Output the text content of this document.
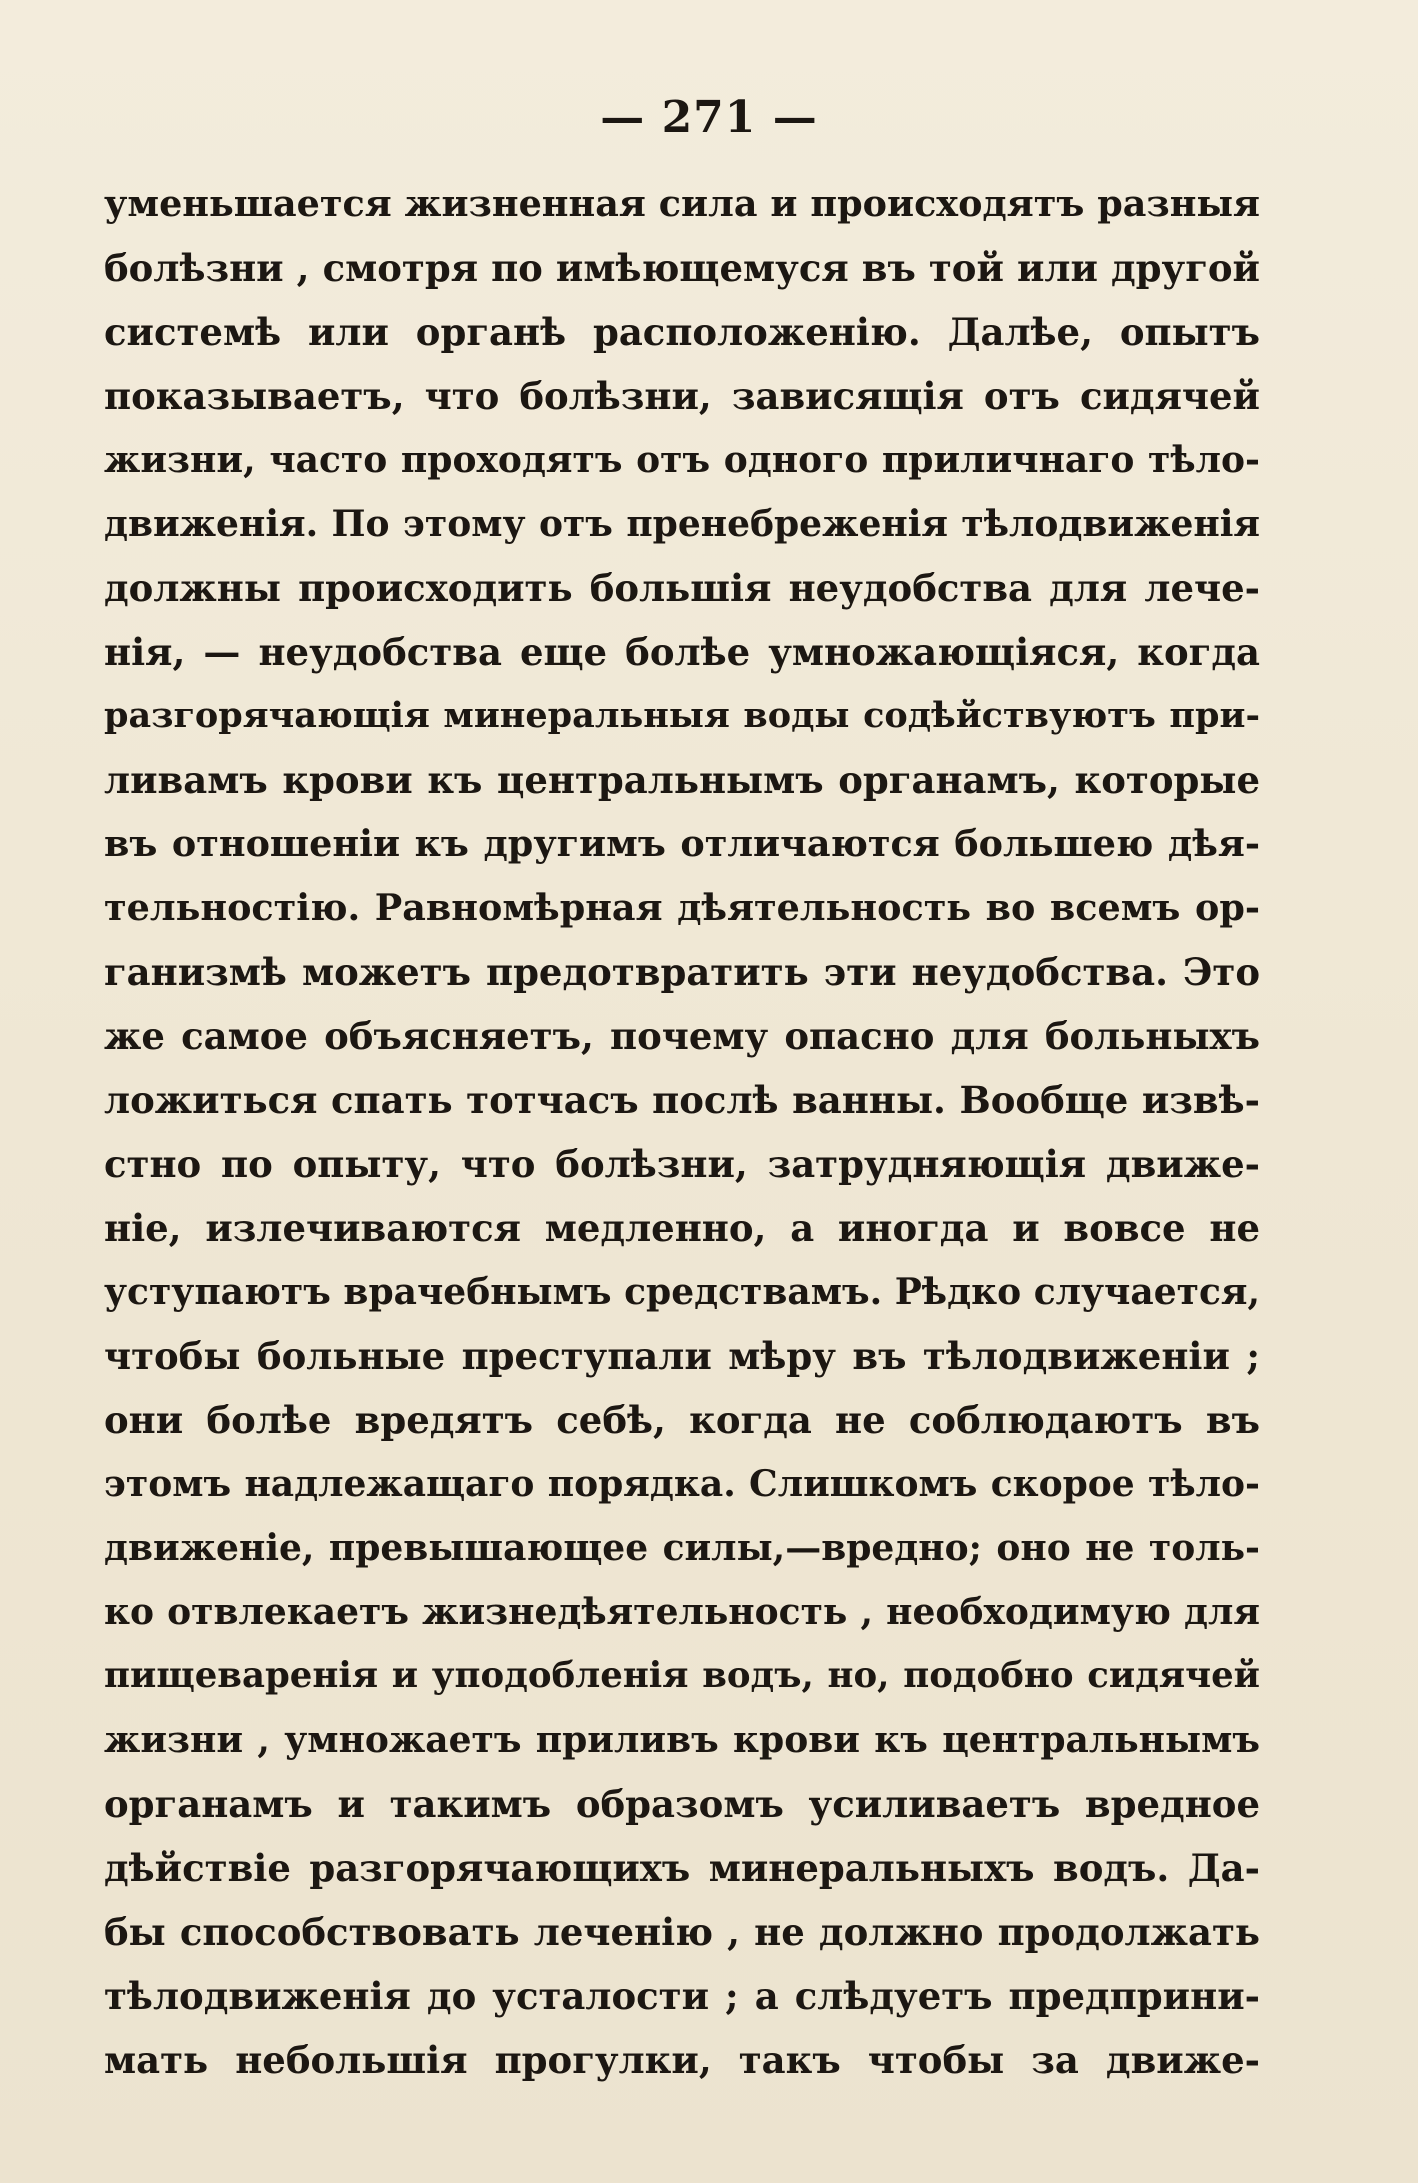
— 271 —
уменьшается жизненная сила и происходятъ разныя
болѣзни , смотря по имѣющемуся въ той или другой
системѣ или органѣ расположенію. Далѣе, опытъ
показываетъ, что болѣзни, зависящія отъ сидячей
жизни, часто проходятъ отъ одного приличнаго тѣло-
движенія. По этому отъ пренебреженія тѣлодвиженія
должны происходить большія неудобства для лече-
нія, — неудобства еще болѣе умножающіяся, когда
разгорячающія минеральныя воды содѣйствуютъ при-
ливамъ крови къ центральнымъ органамъ, которые
въ отношеніи къ другимъ отличаются большею дѣя-
тельностію. Равномѣрная дѣятельность во всемъ ор-
ганизмѣ можетъ предотвратить эти неудобства. Это
же самое объясняетъ, почему опасно для больныхъ
ложиться спать тотчасъ послѣ ванны. Вообще извѣ-
стно по опыту, что болѣзни, затрудняющія движе-
ніе, излечиваются медленно, а иногда и вовсе не
уступаютъ врачебнымъ средствамъ. Рѣдко случается,
чтобы больные преступали мѣру въ тѣлодвиженіи ;
они болѣе вредятъ себѣ, когда не соблюдаютъ въ
этомъ надлежащаго порядка. Слишкомъ скорое тѣло-
движеніе, превышающее силы,—вредно; оно не толь-
ко отвлекаетъ жизнедѣятельность , необходимую для
пищеваренія и уподобленія водъ, но, подобно сидячей
жизни , умножаетъ приливъ крови къ центральнымъ
органамъ и такимъ образомъ усиливаетъ вредное
дѣйствіе разгорячающихъ минеральныхъ водъ. Да-
бы способствовать леченію , не должно продолжать
тѣлодвиженія до усталости ; а слѣдуетъ предприни-
мать небольшія прогулки, такъ чтобы за движе-
